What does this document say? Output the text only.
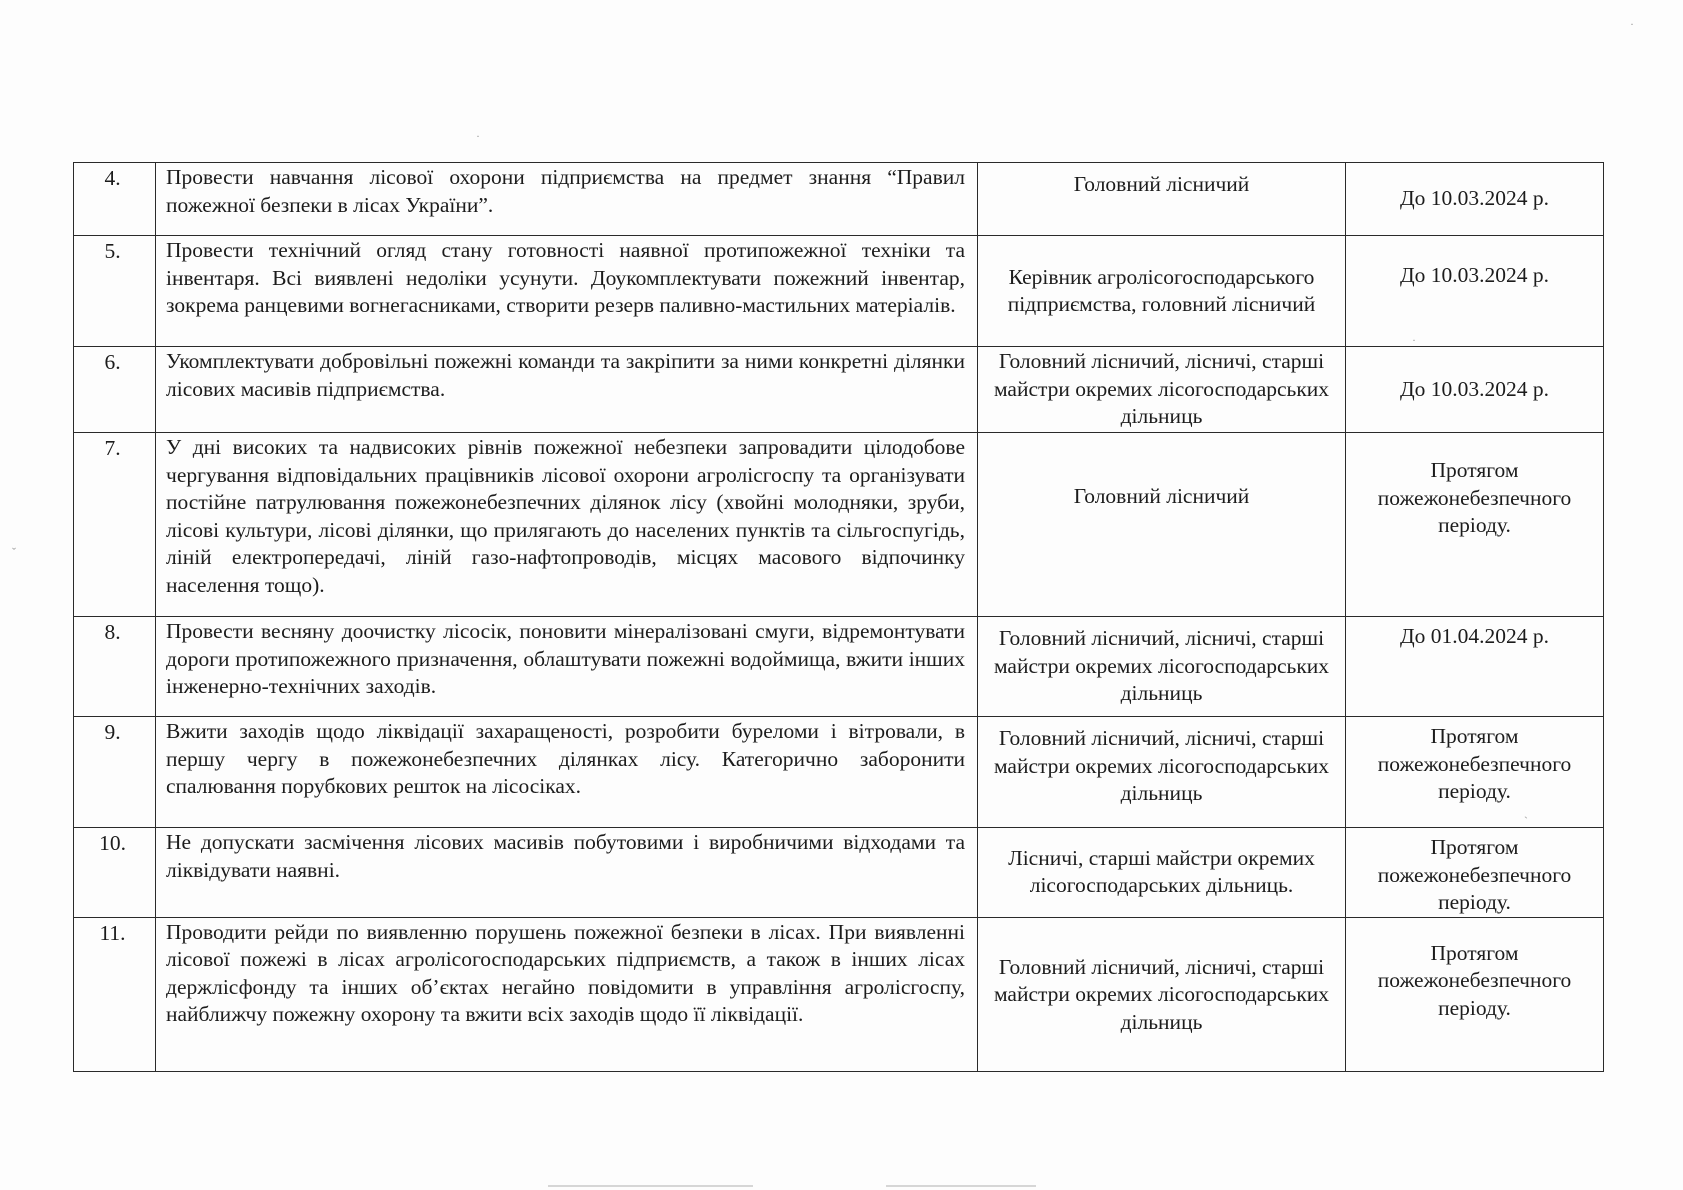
4.	Провести навчання лісової охорони підприємства на предмет знання “Правил пожежної безпеки в лісах України”.	Головний лісничий	До 10.03.2024 р.

5.	Провести технічний огляд стану готовності наявної протипожежної техніки та інвентаря. Всі виявлені недоліки усунути. Доукомплектувати пожежний інвентар, зокрема ранцевими вогнегасниками, створити резерв паливно-мастильних матеріалів.	Керівник агролісогосподарського підприємства, головний лісничий	До 10.03.2024 р.

6.	Укомплектувати добровільні пожежні команди та закріпити за ними конкретні ділянки лісових масивів підприємства.	Головний лісничий, лісничі, старші майстри окремих лісогосподарських дільниць	До 10.03.2024 р.

7.	У дні високих та надвисоких рівнів пожежної небезпеки запровадити цілодобове чергування відповідальних працівників лісової охорони агролісгоспу та організувати постійне патрулювання пожежонебезпечних ділянок лісу (хвойні молодняки, зруби, лісові культури, лісові ділянки, що прилягають до населених пунктів та сільгоспугідь, ліній електропередачі, ліній газо-нафтопроводів, місцях масового відпочинку населення тощо).	Головний лісничий	Протягом пожежонебезпечного періоду.

8.	Провести весняну доочистку лісосік, поновити мінералізовані смуги, відремонтувати дороги протипожежного призначення, облаштувати пожежні водоймища, вжити інших інженерно-технічних заходів.	Головний лісничий, лісничі, старші майстри окремих лісогосподарських дільниць	До 01.04.2024 р.

9.	Вжити заходів щодо ліквідації захаращеності, розробити буреломи і вітровали, в першу чергу в пожежонебезпечних ділянках лісу. Категорично заборонити спалювання порубкових решток на лісосіках.	Головний лісничий, лісничі, старші майстри окремих лісогосподарських дільниць	Протягом пожежонебезпечного періоду.

10.	Не допускати засмічення лісових масивів побутовими і виробничими відходами та ліквідувати наявні.	Лісничі, старші майстри окремих лісогосподарських дільниць.	Протягом пожежонебезпечного періоду.

11.	Проводити рейди по виявленню порушень пожежної безпеки в лісах. При виявленні лісової пожежі в лісах агролісогосподарських підприємств, а також в інших лісах держлісфонду та інших об’єктах негайно повідомити в управління агролісгоспу, найближчу пожежну охорону та вжити всіх заходів щодо її ліквідації.	Головний лісничий, лісничі, старші майстри окремих лісогосподарських дільниць	Протягом пожежонебезпечного періоду.
·
·
ˇ
·
ˎ
